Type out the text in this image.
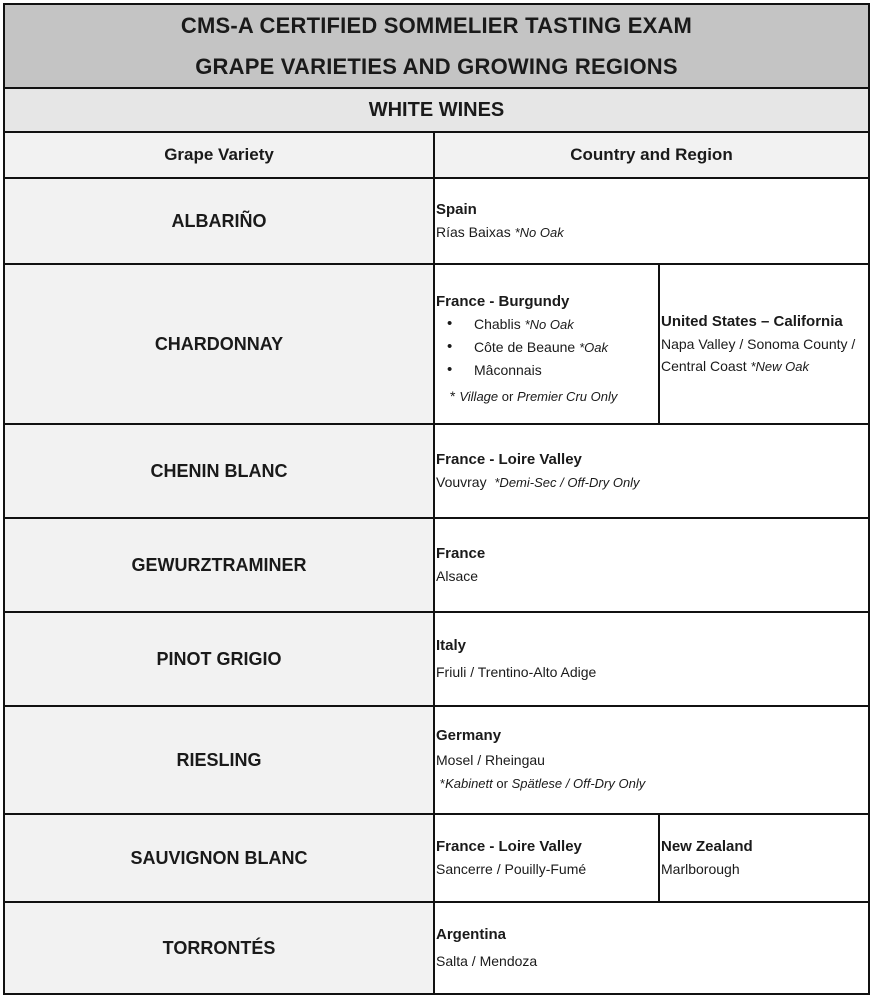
CMS-A CERTIFIED SOMMELIER TASTING EXAM
GRAPE VARIETIES AND GROWING REGIONS
WHITE WINES
Grape Variety	Country and Region
ALBARIÑO
Spain
Rías Baixas *No Oak
CHARDONNAY
France - Burgundy
• Chablis *No Oak
• Côte de Beaune *Oak
• Mâconnais
* Village or Premier Cru Only
United States – California
Napa Valley / Sonoma County /
Central Coast *New Oak
CHENIN BLANC
France - Loire Valley
Vouvray  *Demi-Sec / Off-Dry Only
GEWURZTRAMINER
France
Alsace
PINOT GRIGIO
Italy
Friuli / Trentino-Alto Adige
RIESLING
Germany
Mosel / Rheingau
*Kabinett or Spätlese / Off-Dry Only
SAUVIGNON BLANC
France - Loire Valley
Sancerre / Pouilly-Fumé
New Zealand
Marlborough
TORRONTÉS
Argentina
Salta / Mendoza
